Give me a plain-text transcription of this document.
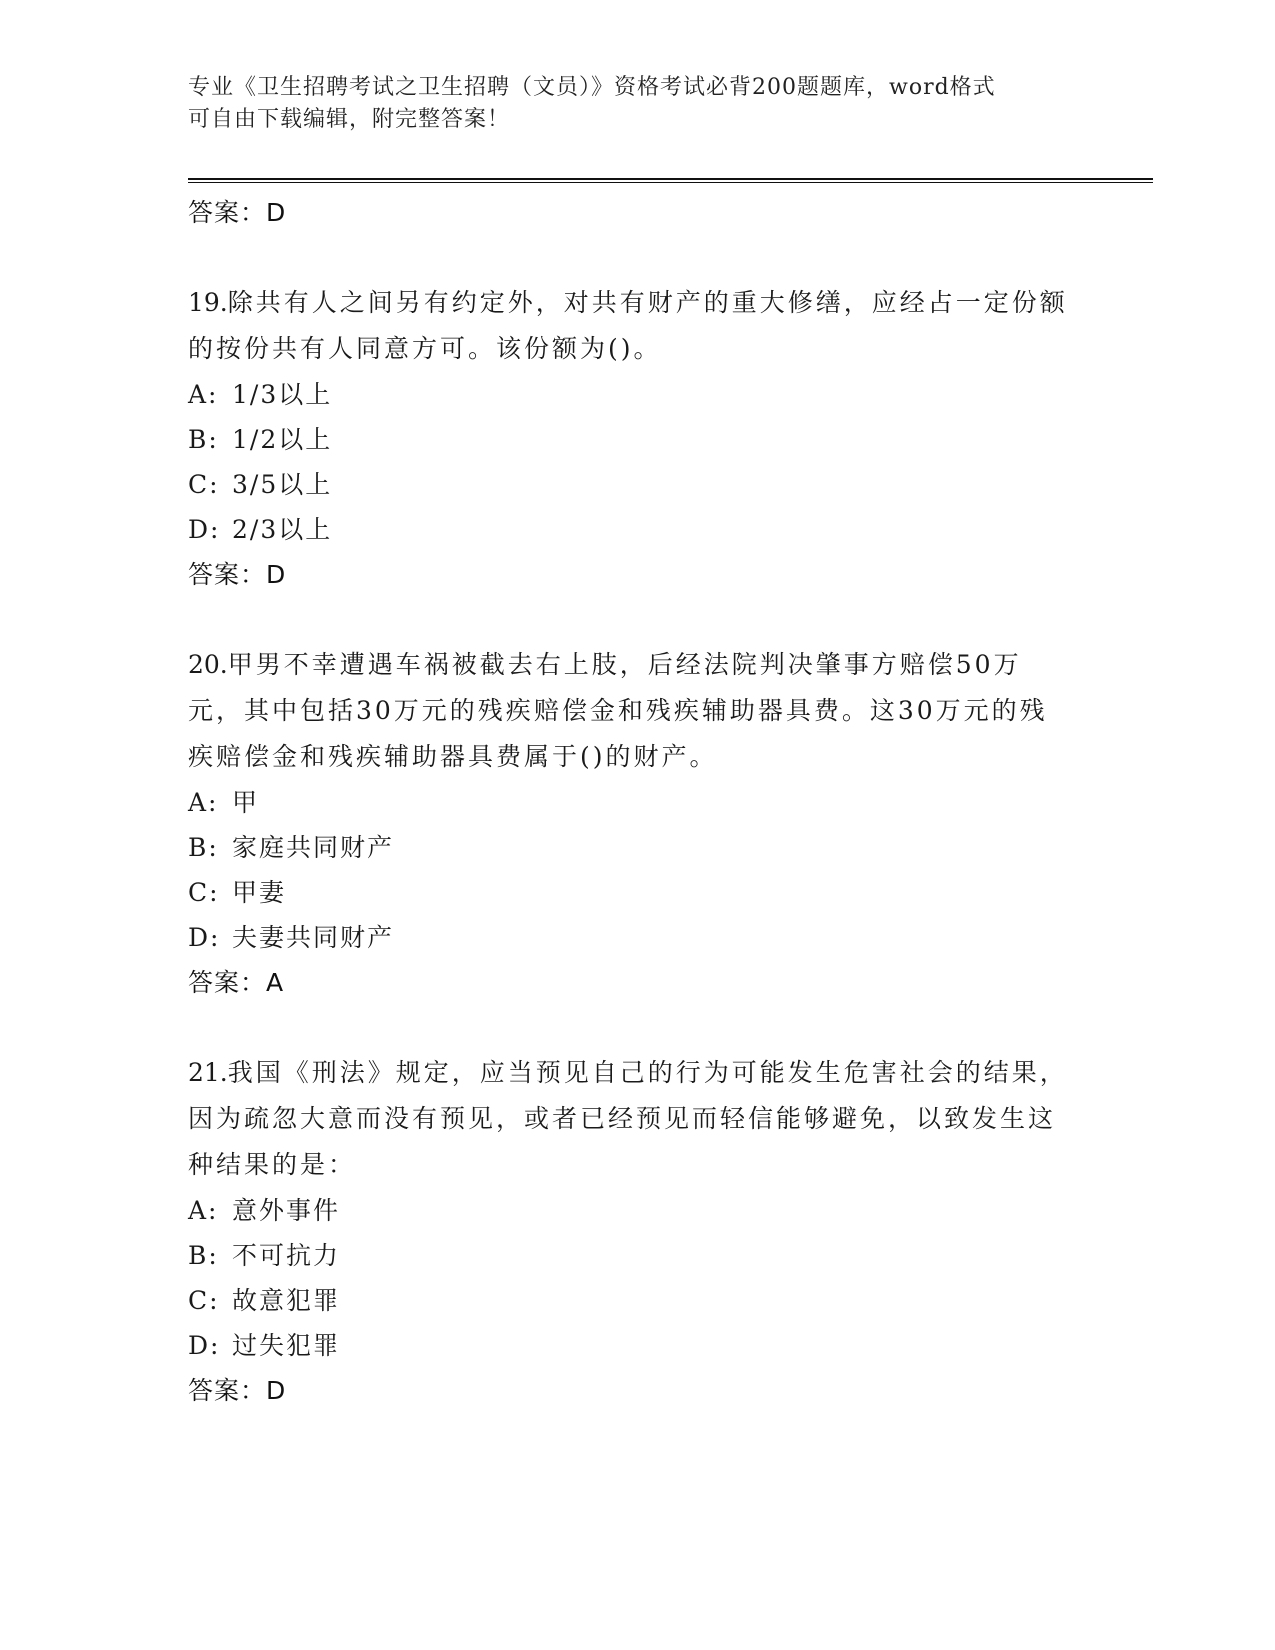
专业《卫生招聘考试之卫生招聘（文员）》资格考试必背200题题库，word格式
可自由下载编辑，附完整答案！
答案：D
19.除共有人之间另有约定外，对共有财产的重大修缮，应经占一定份额的按份共有人同意方可。该份额为()。
A: 1/3以上
B: 1/2以上
C: 3/5以上
D: 2/3以上
答案：D
20.甲男不幸遭遇车祸被截去右上肢，后经法院判决肇事方赔偿50万元，其中包括30万元的残疾赔偿金和残疾辅助器具费。这30万元的残疾赔偿金和残疾辅助器具费属于()的财产。
A: 甲
B: 家庭共同财产
C: 甲妻
D: 夫妻共同财产
答案：A
21.我国《刑法》规定，应当预见自己的行为可能发生危害社会的结果，因为疏忽大意而没有预见，或者已经预见而轻信能够避免，以致发生这种结果的是：
A: 意外事件
B: 不可抗力
C: 故意犯罪
D: 过失犯罪
答案：D
